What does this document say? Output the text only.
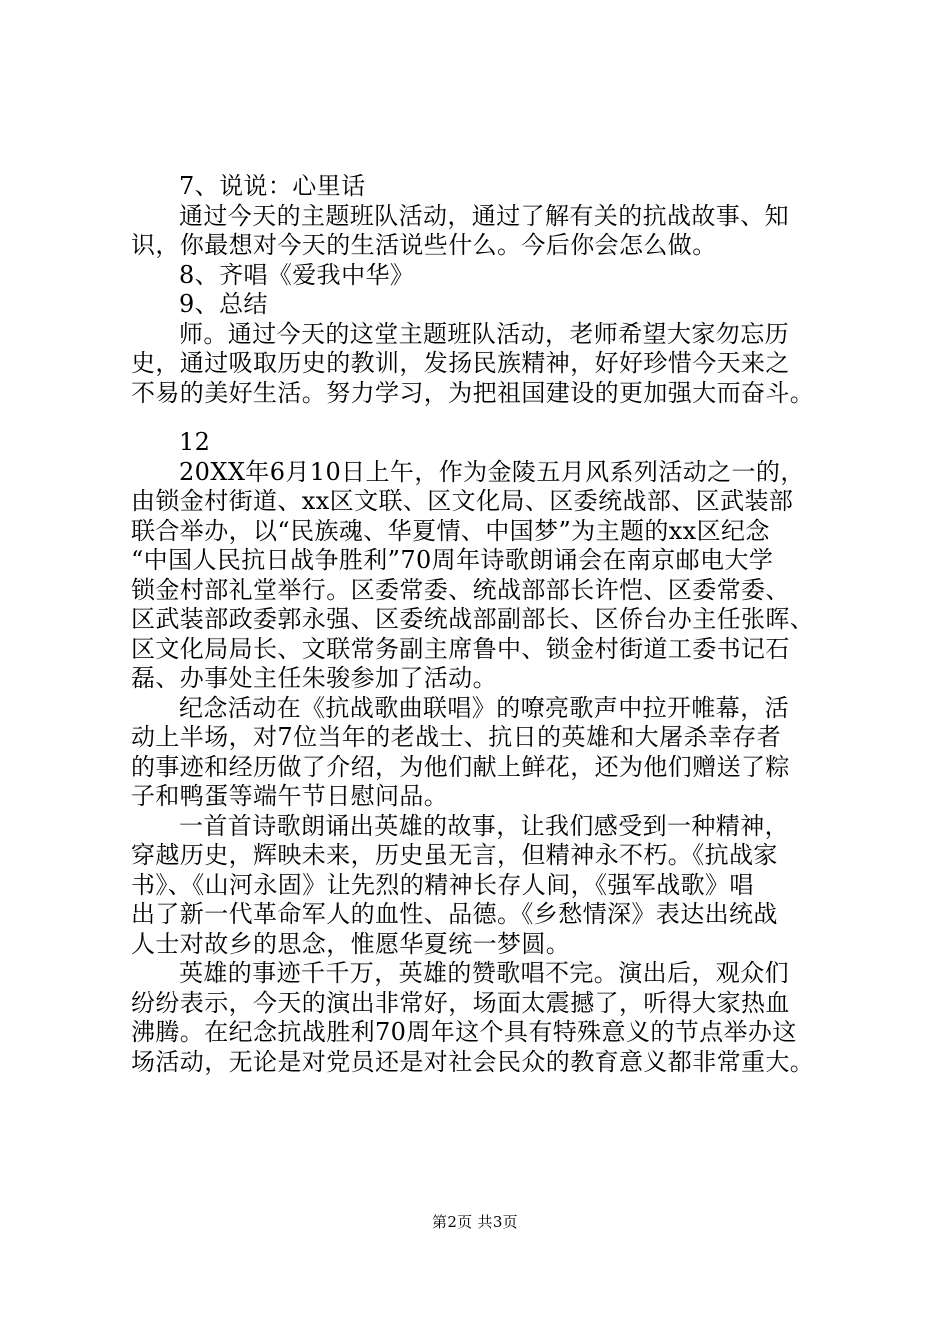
7、说说：心里话
通过今天的主题班队活动，通过了解有关的抗战故事、知
识，你最想对今天的生活说些什么。今后你会怎么做。
8、齐唱《爱我中华》
9、总结
师。通过今天的这堂主题班队活动，老师希望大家勿忘历
史，通过吸取历史的教训，发扬民族精神，好好珍惜今天来之
不易的美好生活。努力学习，为把祖国建设的更加强大而奋斗。
12
20XX年6月10日上午，作为金陵五月风系列活动之一的，
由锁金村街道、xx区文联、区文化局、区委统战部、区武装部
联合举办，以“民族魂、华夏情、中国梦”为主题的xx区纪念
“中国人民抗日战争胜利”70周年诗歌朗诵会在南京邮电大学
锁金村部礼堂举行。区委常委、统战部部长许恺、区委常委、
区武装部政委郭永强、区委统战部副部长、区侨台办主任张晖、
区文化局局长、文联常务副主席鲁中、锁金村街道工委书记石
磊、办事处主任朱骏参加了活动。
纪念活动在《抗战歌曲联唱》的嘹亮歌声中拉开帷幕，活
动上半场，对7位当年的老战士、抗日的英雄和大屠杀幸存者
的事迹和经历做了介绍，为他们献上鲜花，还为他们赠送了粽
子和鸭蛋等端午节日慰问品。
一首首诗歌朗诵出英雄的故事，让我们感受到一种精神，
穿越历史，辉映未来，历史虽无言，但精神永不朽。《抗战家
书》、《山河永固》让先烈的精神长存人间，《强军战歌》唱
出了新一代革命军人的血性、品德。《乡愁情深》表达出统战
人士对故乡的思念，惟愿华夏统一梦圆。
英雄的事迹千千万，英雄的赞歌唱不完。演出后，观众们
纷纷表示，今天的演出非常好，场面太震撼了，听得大家热血
沸腾。在纪念抗战胜利70周年这个具有特殊意义的节点举办这
场活动，无论是对党员还是对社会民众的教育意义都非常重大。
第2页 共3页
